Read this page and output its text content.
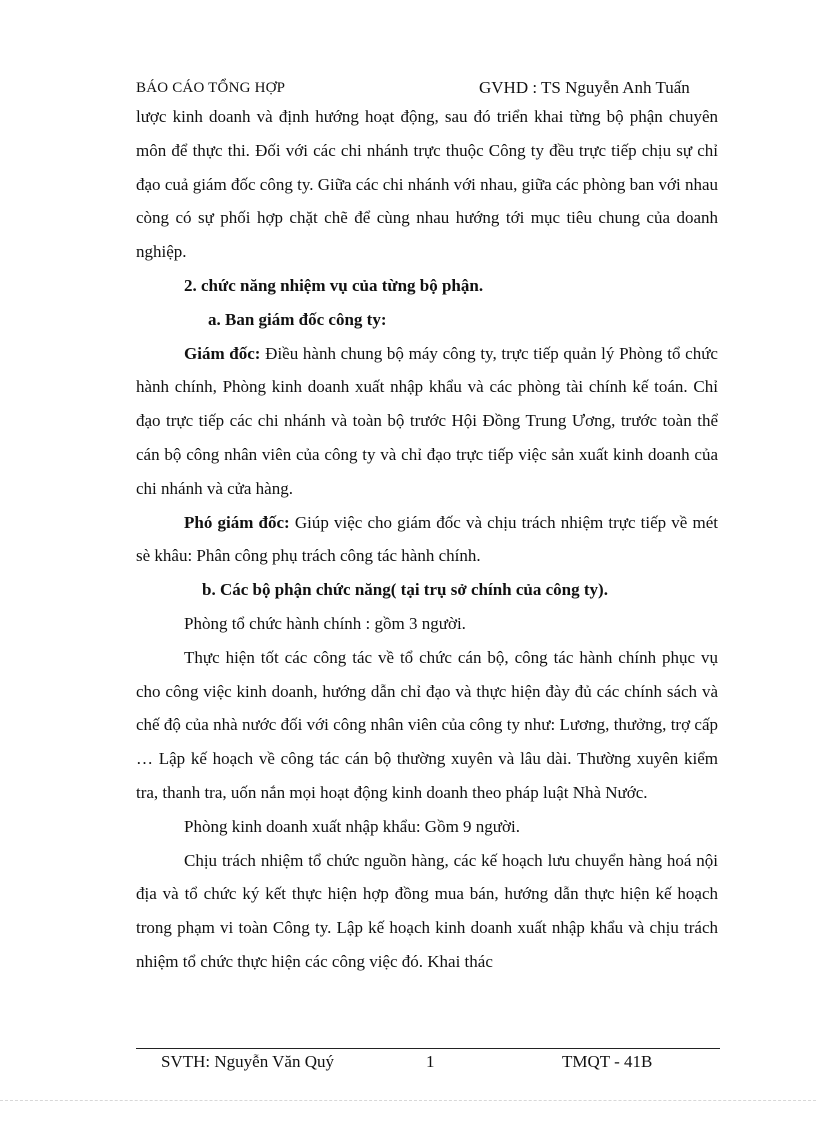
BÁO CÁO TỔNG HỢP	GVHD : TS Nguyễn Anh Tuấn

lược kinh doanh và định hướng hoạt động, sau đó triển khai từng bộ phận chuyên môn để thực thi. Đối với các chi nhánh trực thuộc Công ty đều trực tiếp chịu sự chỉ đạo cuả giám đốc công ty. Giữa các chi nhánh với nhau, giữa các phòng ban với nhau còng có sự phối hợp chặt chẽ để cùng nhau hướng tới mục tiêu chung của doanh nghiệp.

2. chức năng nhiệm vụ của từng bộ phận.

a. Ban giám đốc công ty:

Giám đốc: Điều hành chung bộ máy công ty, trực tiếp quản lý Phòng tổ chức hành chính, Phòng kinh doanh xuất nhập khẩu và các phòng tài chính kế toán. Chỉ đạo trực tiếp các chi nhánh và toàn bộ trước Hội Đồng Trung Ương, trước toàn thể cán bộ công nhân viên của công ty và chỉ đạo trực tiếp việc sản xuất kinh doanh của chi nhánh và cửa hàng.

Phó giám đốc: Giúp việc cho giám đốc và chịu trách nhiệm trực tiếp về mét sè khâu: Phân công phụ trách công tác hành chính.

b. Các bộ phận chức năng( tại trụ sở chính của công ty).

Phòng tổ chức hành chính : gồm 3 người.

Thực hiện tốt các công tác về tổ chức cán bộ, công tác hành chính phục vụ cho công việc kinh doanh, hướng dẫn chỉ đạo và thực hiện đày đủ các chính sách và chế độ của nhà nước đối với công nhân viên của công ty như: Lương, thưởng, trợ cấp … Lập kế hoạch về công tác cán bộ thường xuyên và lâu dài. Thường xuyên kiểm tra, thanh tra, uốn nắn mọi hoạt động kinh doanh theo pháp luật Nhà Nước.

Phòng kinh doanh xuất nhập khẩu: Gồm 9 người.

Chịu trách nhiệm tổ chức nguồn hàng, các kế hoạch lưu chuyển hàng hoá nội địa và tổ chức ký kết thực hiện hợp đồng mua bán, hướng dẫn thực hiện kế hoạch trong phạm vi toàn Công ty. Lập kế hoạch kinh doanh xuất nhập khẩu và chịu trách nhiệm tổ chức thực hiện các công việc đó. Khai thác

SVTH: Nguyễn Văn Quý	1	TMQT - 41B
